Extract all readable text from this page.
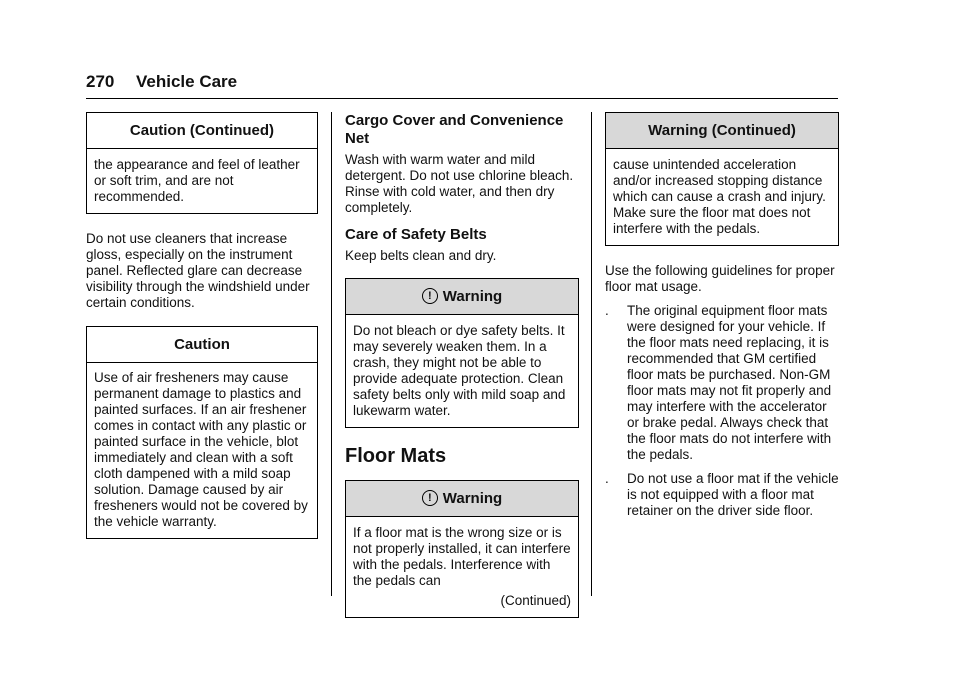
270 Vehicle Care
Caution (Continued)

the appearance and feel of leather or soft trim, and are not recommended.

Do not use cleaners that increase gloss, especially on the instrument panel. Reflected glare can decrease visibility through the windshield under certain conditions.

Caution

Use of air fresheners may cause permanent damage to plastics and painted surfaces. If an air freshener comes in contact with any plastic or painted surface in the vehicle, blot immediately and clean with a soft cloth dampened with a mild soap solution. Damage caused by air fresheners would not be covered by the vehicle warranty.

Cargo Cover and Convenience Net

Wash with warm water and mild detergent. Do not use chlorine bleach. Rinse with cold water, and then dry completely.

Care of Safety Belts

Keep belts clean and dry.

! Warning

Do not bleach or dye safety belts. It may severely weaken them. In a crash, they might not be able to provide adequate protection. Clean safety belts only with mild soap and lukewarm water.

Floor Mats
! Warning

If a floor mat is the wrong size or is not properly installed, it can interfere with the pedals. Interference with the pedals can

(Continued)

Warning (Continued)

cause unintended acceleration and/or increased stopping distance which can cause a crash and injury. Make sure the floor mat does not interfere with the pedals.

Use the following guidelines for proper floor mat usage.

. The original equipment floor mats were designed for your vehicle. If the floor mats need replacing, it is recommended that GM certified floor mats be purchased. Non-GM floor mats may not fit properly and may interfere with the accelerator or brake pedal. Always check that the floor mats do not interfere with the pedals.
. Do not use a floor mat if the vehicle is not equipped with a floor mat retainer on the driver side floor.
